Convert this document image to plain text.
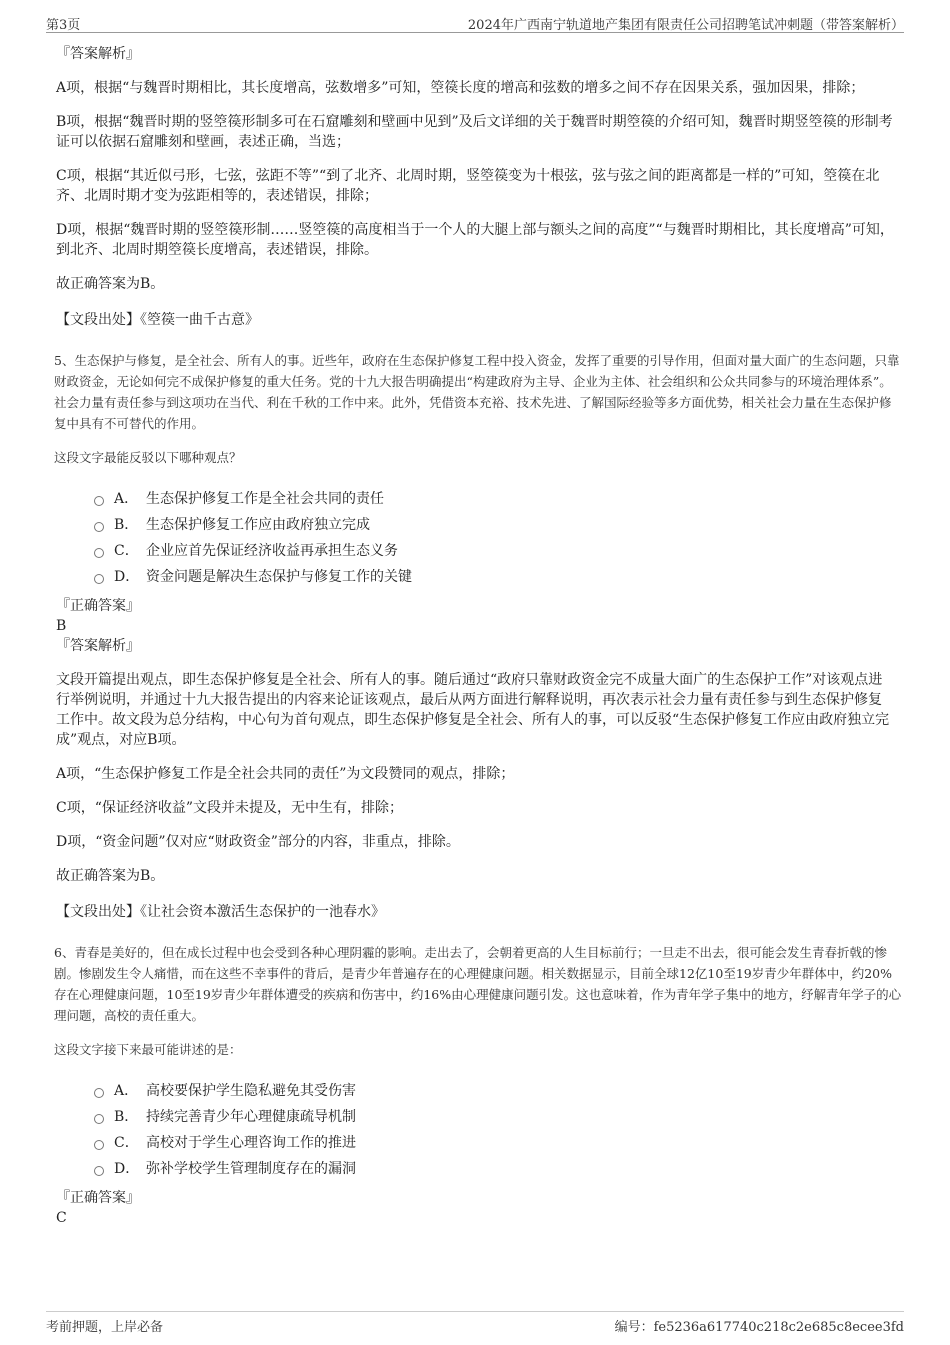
第3页	2024年广西南宁轨道地产集团有限责任公司招聘笔试冲刺题（带答案解析）
『答案解析』

A项，根据“与魏晋时期相比，其长度增高，弦数增多”可知，箜篌长度的增高和弦数的增多之间不存在因果关系，强加因果，排除；

B项，根据“魏晋时期的竖箜篌形制多可在石窟雕刻和壁画中见到”及后文详细的关于魏晋时期箜篌的介绍可知，魏晋时期竖箜篌的形制考证可以依据石窟雕刻和壁画，表述正确，当选；

C项，根据“其近似弓形，七弦，弦距不等”“到了北齐、北周时期，竖箜篌变为十根弦，弦与弦之间的距离都是一样的”可知，箜篌在北齐、北周时期才变为弦距相等的，表述错误，排除；

D项，根据“魏晋时期的竖箜篌形制……竖箜篌的高度相当于一个人的大腿上部与额头之间的高度”“与魏晋时期相比，其长度增高”可知，到北齐、北周时期箜篌长度增高，表述错误，排除。

故正确答案为B。

【文段出处】《箜篌一曲千古意》

5、生态保护与修复，是全社会、所有人的事。近些年，政府在生态保护修复工程中投入资金，发挥了重要的引导作用，但面对量大面广的生态问题，只靠财政资金，无论如何完不成保护修复的重大任务。党的十九大报告明确提出“构建政府为主导、企业为主体、社会组织和公众共同参与的环境治理体系”。社会力量有责任参与到这项功在当代、利在千秋的工作中来。此外，凭借资本充裕、技术先进、了解国际经验等多方面优势，相关社会力量在生态保护修复中具有不可替代的作用。

这段文字最能反驳以下哪种观点？

A． 生态保护修复工作是全社会共同的责任
B． 生态保护修复工作应由政府独立完成
C． 企业应首先保证经济收益再承担生态义务
D． 资金问题是解决生态保护与修复工作的关键
『正确答案』
B
『答案解析』

文段开篇提出观点，即生态保护修复是全社会、所有人的事。随后通过“政府只靠财政资金完不成量大面广的生态保护工作”对该观点进行举例说明，并通过十九大报告提出的内容来论证该观点，最后从两方面进行解释说明，再次表示社会力量有责任参与到生态保护修复工作中。故文段为总分结构，中心句为首句观点，即生态保护修复是全社会、所有人的事，可以反驳“生态保护修复工作应由政府独立完成”观点，对应B项。

A项，“生态保护修复工作是全社会共同的责任”为文段赞同的观点，排除；

C项，“保证经济收益”文段并未提及，无中生有，排除；

D项，“资金问题”仅对应“财政资金”部分的内容，非重点，排除。

故正确答案为B。

【文段出处】《让社会资本激活生态保护的一池春水》

6、青春是美好的，但在成长过程中也会受到各种心理阴霾的影响。走出去了，会朝着更高的人生目标前行；一旦走不出去，很可能会发生青春折戟的惨剧。惨剧发生令人痛惜，而在这些不幸事件的背后，是青少年普遍存在的心理健康问题。相关数据显示，目前全球12亿10至19岁青少年群体中，约20%存在心理健康问题，10至19岁青少年群体遭受的疾病和伤害中，约16%由心理健康问题引发。这也意味着，作为青年学子集中的地方，纾解青年学子的心理问题，高校的责任重大。

这段文字接下来最可能讲述的是：

A． 高校要保护学生隐私避免其受伤害
B． 持续完善青少年心理健康疏导机制
C． 高校对于学生心理咨询工作的推进
D． 弥补学校学生管理制度存在的漏洞
『正确答案』
C
考前押题，上岸必备	编号：fe5236a617740c218c2e685c8ecee3fd
